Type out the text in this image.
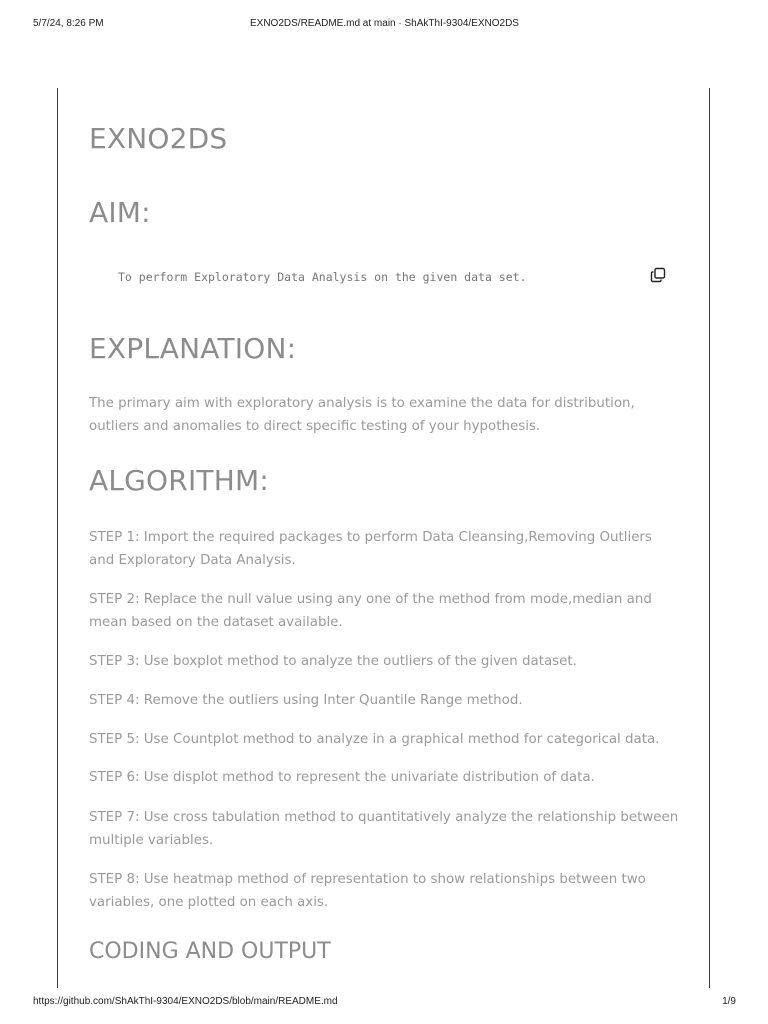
5/7/24, 8:26 PM	EXNO2DS/README.md at main · ShAkThI-9304/EXNO2DS
EXNO2DS
AIM:
To perform Exploratory Data Analysis on the given data set.
EXPLANATION:

The primary aim with exploratory analysis is to examine the data for distribution, outliers and anomalies to direct specific testing of your hypothesis.

ALGORITHM:

STEP 1: Import the required packages to perform Data Cleansing,Removing Outliers and Exploratory Data Analysis.

STEP 2: Replace the null value using any one of the method from mode,median and mean based on the dataset available.

STEP 3: Use boxplot method to analyze the outliers of the given dataset.

STEP 4: Remove the outliers using Inter Quantile Range method.

STEP 5: Use Countplot method to analyze in a graphical method for categorical data.

STEP 6: Use displot method to represent the univariate distribution of data.

STEP 7: Use cross tabulation method to quantitatively analyze the relationship between multiple variables.

STEP 8: Use heatmap method of representation to show relationships between two variables, one plotted on each axis.

CODING AND OUTPUT
https://github.com/ShAkThI-9304/EXNO2DS/blob/main/README.md	1/9
